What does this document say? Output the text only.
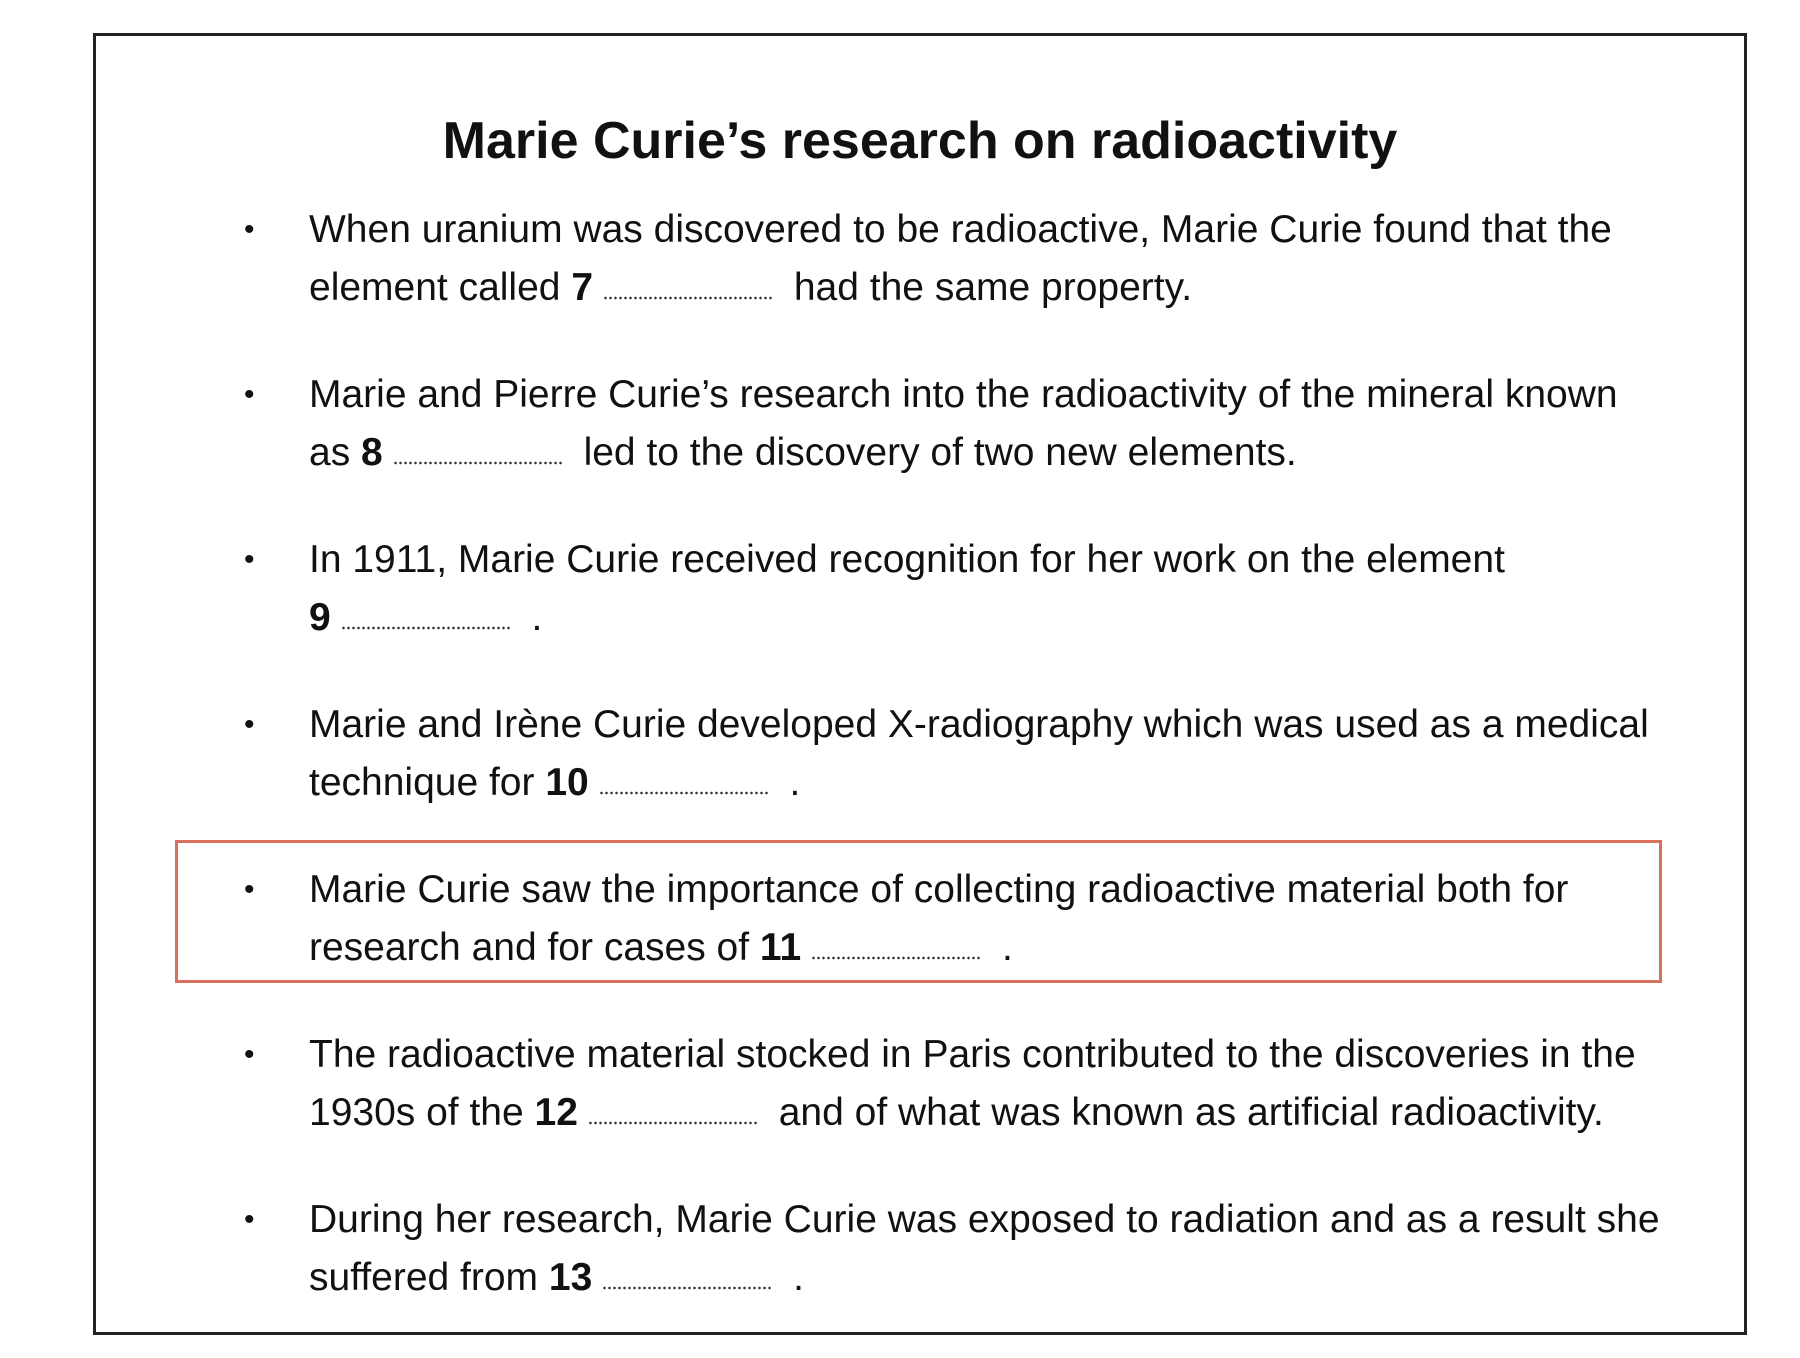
Marie Curie’s research on radioactivity
• When uranium was discovered to be radioactive, Marie Curie found that the
element called 7	had the same property.
• Marie and Pierre Curie’s research into the radioactivity of the mineral known
as 8	led to the discovery of two new elements.
• In 1911, Marie Curie received recognition for her work on the element
9	.
• Marie and Irène Curie developed X-radiography which was used as a medical
technique for 10	.
• Marie Curie saw the importance of collecting radioactive material both for
research and for cases of 11	.
• The radioactive material stocked in Paris contributed to the discoveries in the
1930s of the 12	and of what was known as artificial radioactivity.
• During her research, Marie Curie was exposed to radiation and as a result she
suffered from 13	.
